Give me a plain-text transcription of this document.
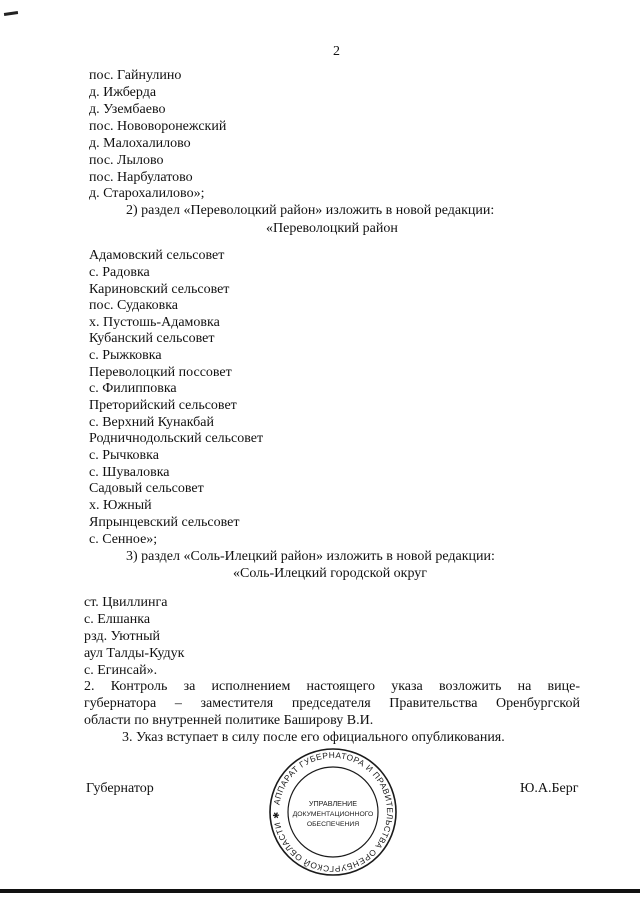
2
пос. Гайнулино
д. Ижберда
д. Узембаево
пос. Нововоронежский
д. Малохалилово
пос. Лылово
пос. Нарбулатово
д. Старохалилово»;
2) раздел «Переволоцкий район» изложить в новой редакции:
«Переволоцкий район
Адамовский сельсовет
с. Радовка
Кариновский сельсовет
пос. Судаковка
х. Пустошь-Адамовка
Кубанский сельсовет
с. Рыжковка
Переволоцкий поссовет
с. Филипповка
Преторийский сельсовет
с. Верхний Кунакбай
Родничнодольский сельсовет
с. Рычковка
с. Шуваловка
Садовый сельсовет
х. Южный
Япрынцевский сельсовет
с. Сенное»;
3) раздел «Соль-Илецкий район» изложить в новой редакции:
«Соль-Илецкий городской округ
ст. Цвиллинга
с. Елшанка
рзд. Уютный
аул Талды-Кудук
с. Егинсай».
2. Контроль за исполнением настоящего указа возложить на вице-
губернатора – заместителя председателя Правительства Оренбургской
области по внутренней политике Баширову В.И.
3. Указ вступает в силу после его официального опубликования.
Губернатор	Ю.А.Берг
АППАРАТ ГУБЕРНАТОРА И ПРАВИТЕЛЬСТВА ОРЕНБУРГСКОЙ ОБЛАСТИ ✱
УПРАВЛЕНИЕ
ДОКУМЕНТАЦИОННОГО
ОБЕСПЕЧЕНИЯ
